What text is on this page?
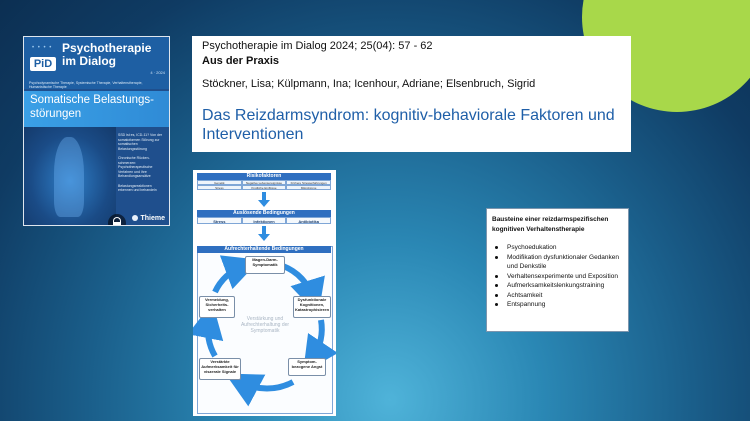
• • • •
PiD
Psychotherapie im Dialog
4 · 2024
Psychodynamische Therapie, Systemische Therapie, Verhaltenstherapie, Humanistische Therapie
Somatische Belastungs-störungen

SSD ist es, ICD-11? Von der somatoformen Störung zur somatischen Belastungsstörung

Chronische Rücken-schmerzen: Psychotherapeutische Verfahren und ihre Behandlungsansätze

Belastungsreaktionen erkennen und behandeln

Thieme
Psychotherapie im Dialog 2024; 25(04): 57 - 62
Aus der Praxis
Stöckner, Lisa; Külpmann, Ina; Icenhour, Adriane; Elsenbruch, Sigrid
Das Reizdarmsyndrom: kognitiv-behaviorale Faktoren und Interventionen
Risikofaktoren
Genetik	Negative Lebensereignisse	Frühere Stresserfahrungen
Stress	Kindliche Einflüsse	Mikrobiome
Auslösende Bedingungen
Stress	Infektionen	Antibiotika
Aufrechterhaltende Bedingungen
Magen-Darm-Symptomatik
Dysfunktionale Kognitionen, Katastrophisieren
Symptom-bezogene Angst
Verstärkte Aufmerksamkeit für viszerale Signale
Vermeidung, Sicherheits-verhalten
Verstärkung und Aufrechterhaltung der Symptomatik
Bausteine einer reizdarmspezifischen kognitiven Verhaltenstherapie
Psychoedukation
Modifikation dysfunktionaler Gedanken und Denkstile
Verhaltensexperimente und Exposition
Aufmerksamkeitslenkungstraining
Achtsamkeit
Entspannung
